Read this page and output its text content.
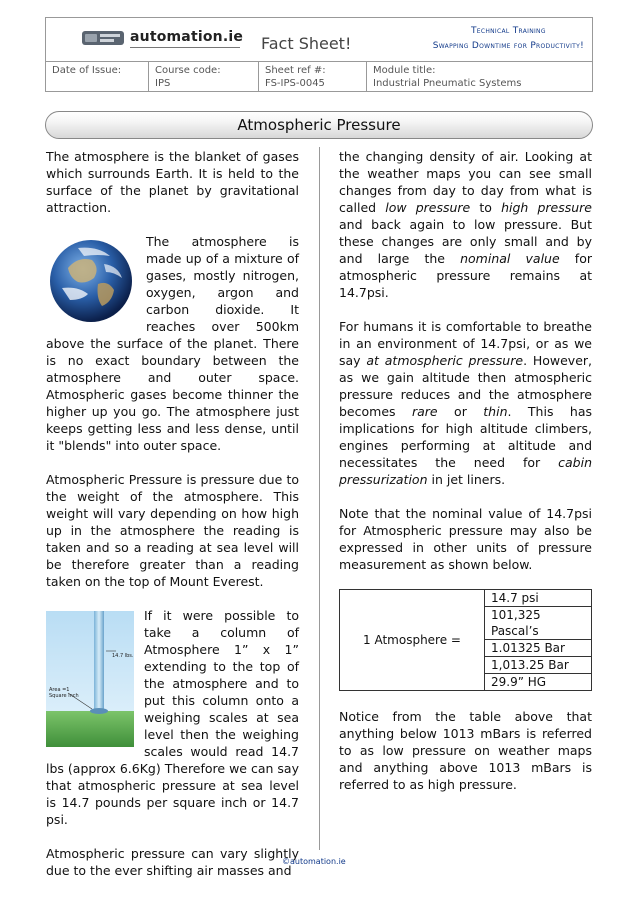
automation.ie Fact Sheet!
Technical Training
Swapping Downtime for Productivity!
Date of Issue:	Course code:
IPS
Sheet ref #:
FS-IPS-0045
Module title:
Industrial Pneumatic Systems
Atmospheric Pressure

The atmosphere is the blanket of gases which surrounds Earth. It is held to the surface of the planet by gravitational attraction.

The atmosphere is made up of a mixture of gases, mostly nitrogen, oxygen, argon and carbon dioxide. It reaches over 500km above the surface of the planet. There is no exact boundary between the atmosphere and outer space. Atmospheric gases become thinner the higher up you go. The atmosphere just keeps getting less and less dense, until it "blends" into outer space.

Atmospheric Pressure is pressure due to the weight of the atmosphere. This weight will vary depending on how high up in the atmosphere the reading is taken and so a reading at sea level will be therefore greater than a reading taken on the top of Mount Everest.

14.7 lbs.
Area =1
Square inch

If it were possible to take a column of Atmosphere 1” x 1” extending to the top of the atmosphere and to put this column onto a weighing scales at sea level then the weighing scales would read 14.7 lbs (approx 6.6Kg) Therefore we can say that atmospheric pressure at sea level is 14.7 pounds per square inch or 14.7 psi.

Atmospheric pressure can vary slightly due to the ever shifting air masses and

the changing density of air. Looking at the weather maps you can see small changes from day to day from what is called low pressure to high pressure and back again to low pressure. But these changes are only small and by and large the nominal value for atmospheric pressure remains at 14.7psi.

For humans it is comfortable to breathe in an environment of 14.7psi, or as we say at atmospheric pressure. However, as we gain altitude then atmospheric pressure reduces and the atmosphere becomes rare or thin. This has implications for high altitude climbers, engines performing at altitude and necessitates the need for cabin pressurization in jet liners.

Note that the nominal value of 14.7psi for Atmospheric pressure may also be expressed in other units of pressure measurement as shown below.

1 Atmosphere =	14.7 psi
101,325 Pascal’s
1.01325 Bar
1,013.25 Bar
29.9” HG

Notice from the table above that anything below 1013 mBars is referred to as low pressure on weather maps and anything above 1013 mBars is referred to as high pressure.

©automation.ie
